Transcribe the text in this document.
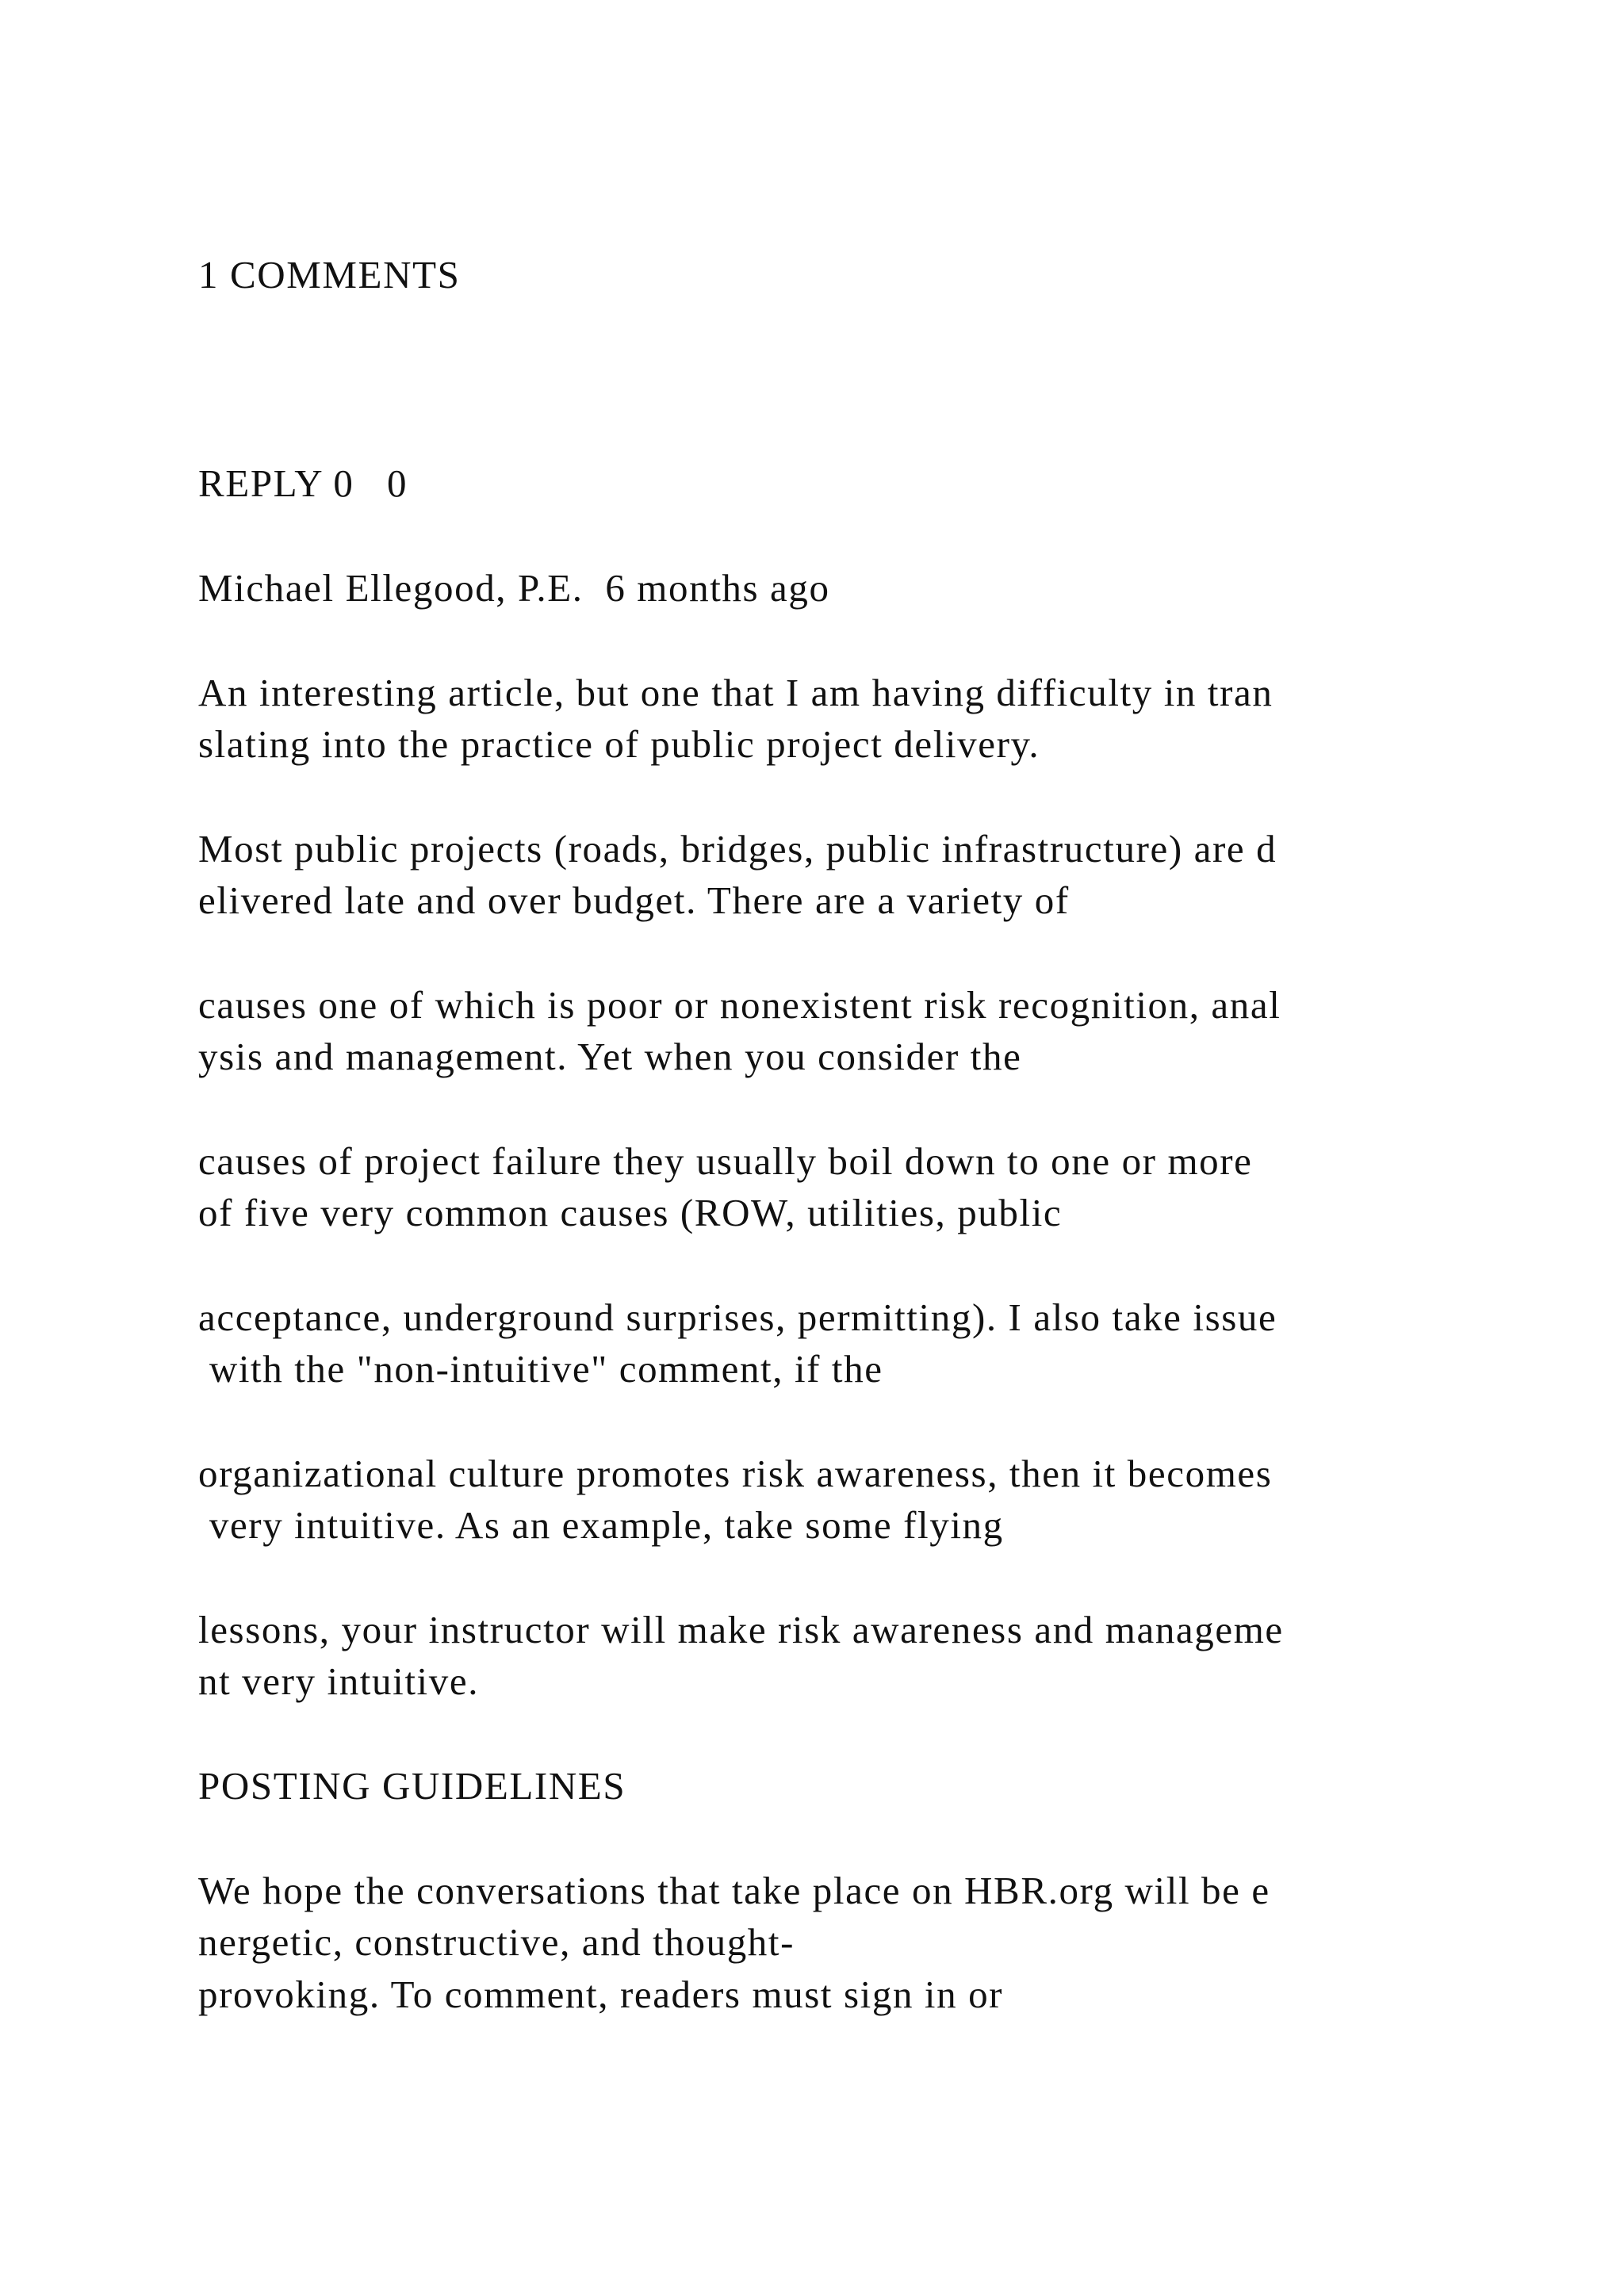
1 COMMENTS

REPLY 0 0

Michael Ellegood, P.E. 6 months ago

An interesting article, but one that I am having difficulty in tran

slating into the practice of public project delivery.

Most public projects (roads, bridges, public infrastructure) are d

elivered late and over budget. There are a variety of

causes one of which is poor or nonexistent risk recognition, anal

ysis and management. Yet when you consider the

causes of project failure they usually boil down to one or more

of five very common causes (ROW, utilities, public

acceptance, underground surprises, permitting). I also take issue

with the "non-intuitive" comment, if the

organizational culture promotes risk awareness, then it becomes

very intuitive. As an example, take some flying

lessons, your instructor will make risk awareness and manageme

nt very intuitive.

POSTING GUIDELINES

We hope the conversations that take place on HBR.org will be e

nergetic, constructive, and thought-

provoking. To comment, readers must sign in or
